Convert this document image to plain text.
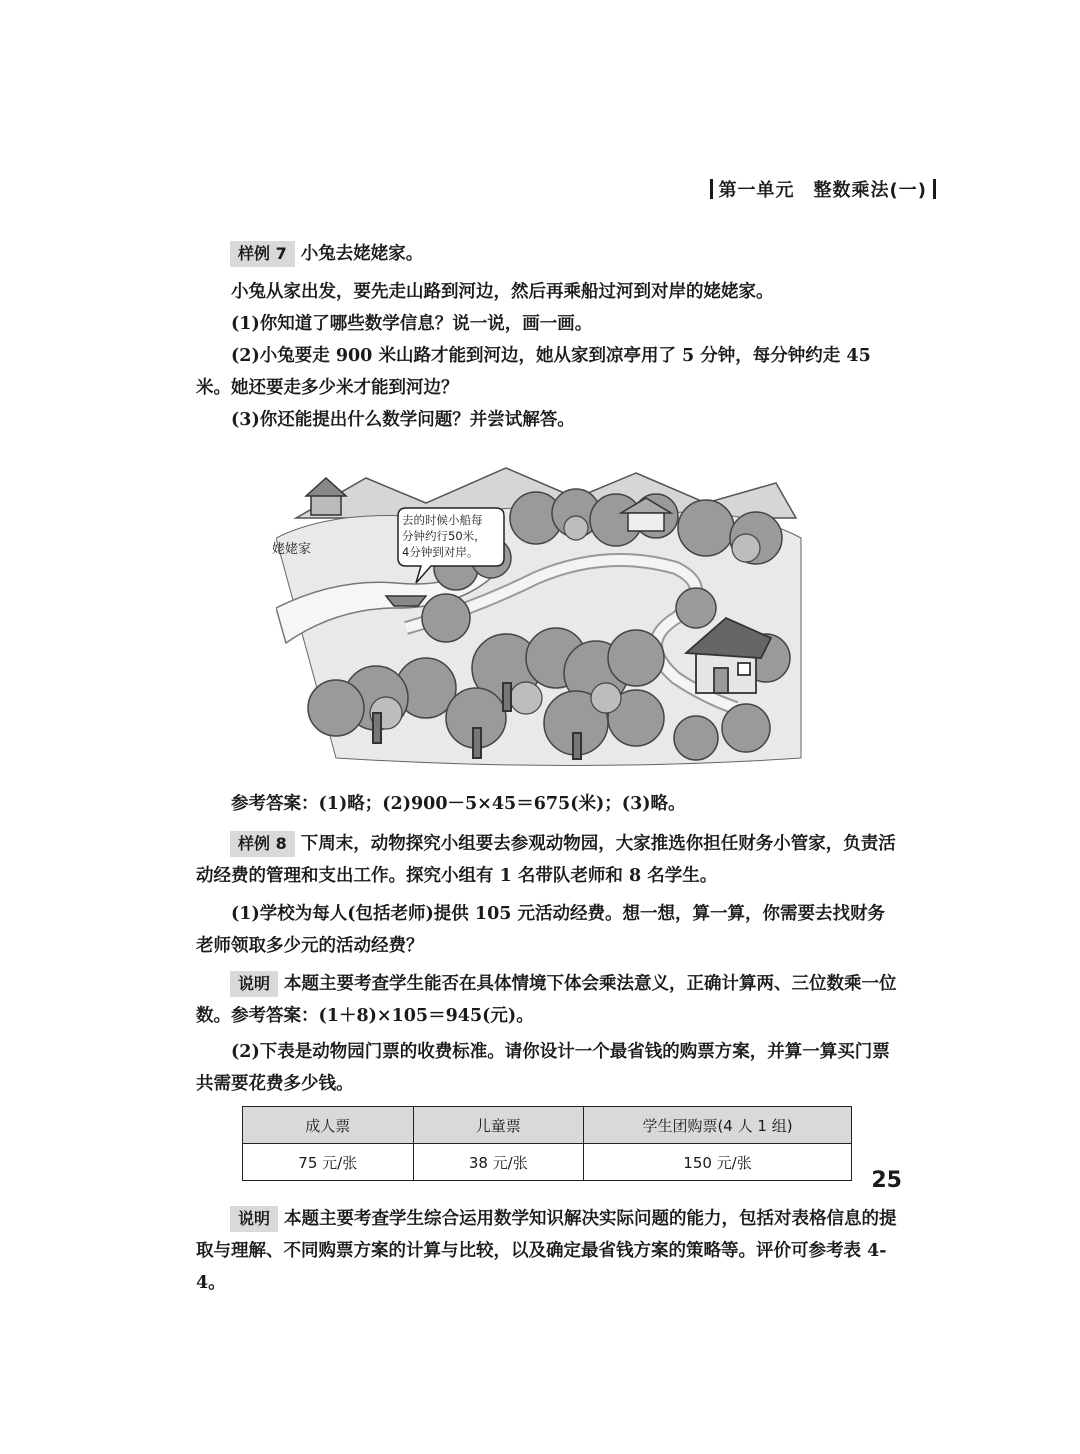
第一单元　整数乘法(一)

样例 7 小兔去姥姥家。

小兔从家出发，要先走山路到河边，然后再乘船过河到对岸的姥姥家。

(1)你知道了哪些数学信息？说一说，画一画。

(2)小兔要走 900 米山路才能到河边，她从家到凉亭用了 5 分钟，每分钟约走 45 米。她还要走多少米才能到河边？

(3)你还能提出什么数学问题？并尝试解答。

姥姥家
去的时候小船每
分钟约行50米，
4分钟到对岸。

参考答案：(1)略；(2)900－5×45＝675(米)；(3)略。

样例 8 下周末，动物探究小组要去参观动物园，大家推选你担任财务小管家，负责活动经费的管理和支出工作。探究小组有 1 名带队老师和 8 名学生。

(1)学校为每人(包括老师)提供 105 元活动经费。想一想，算一算，你需要去找财务老师领取多少元的活动经费？

说明 本题主要考查学生能否在具体情境下体会乘法意义，正确计算两、三位数乘一位数。参考答案：(1＋8)×105＝945(元)。

(2)下表是动物园门票的收费标准。请你设计一个最省钱的购票方案，并算一算买门票共需要花费多少钱。

成人票	儿童票	学生团购票(4 人 1 组)
75 元/张	38 元/张	150 元/张

说明 本题主要考查学生综合运用数学知识解决实际问题的能力，包括对表格信息的提取与理解、不同购票方案的计算与比较，以及确定最省钱方案的策略等。评价可参考表 4-4。

25
